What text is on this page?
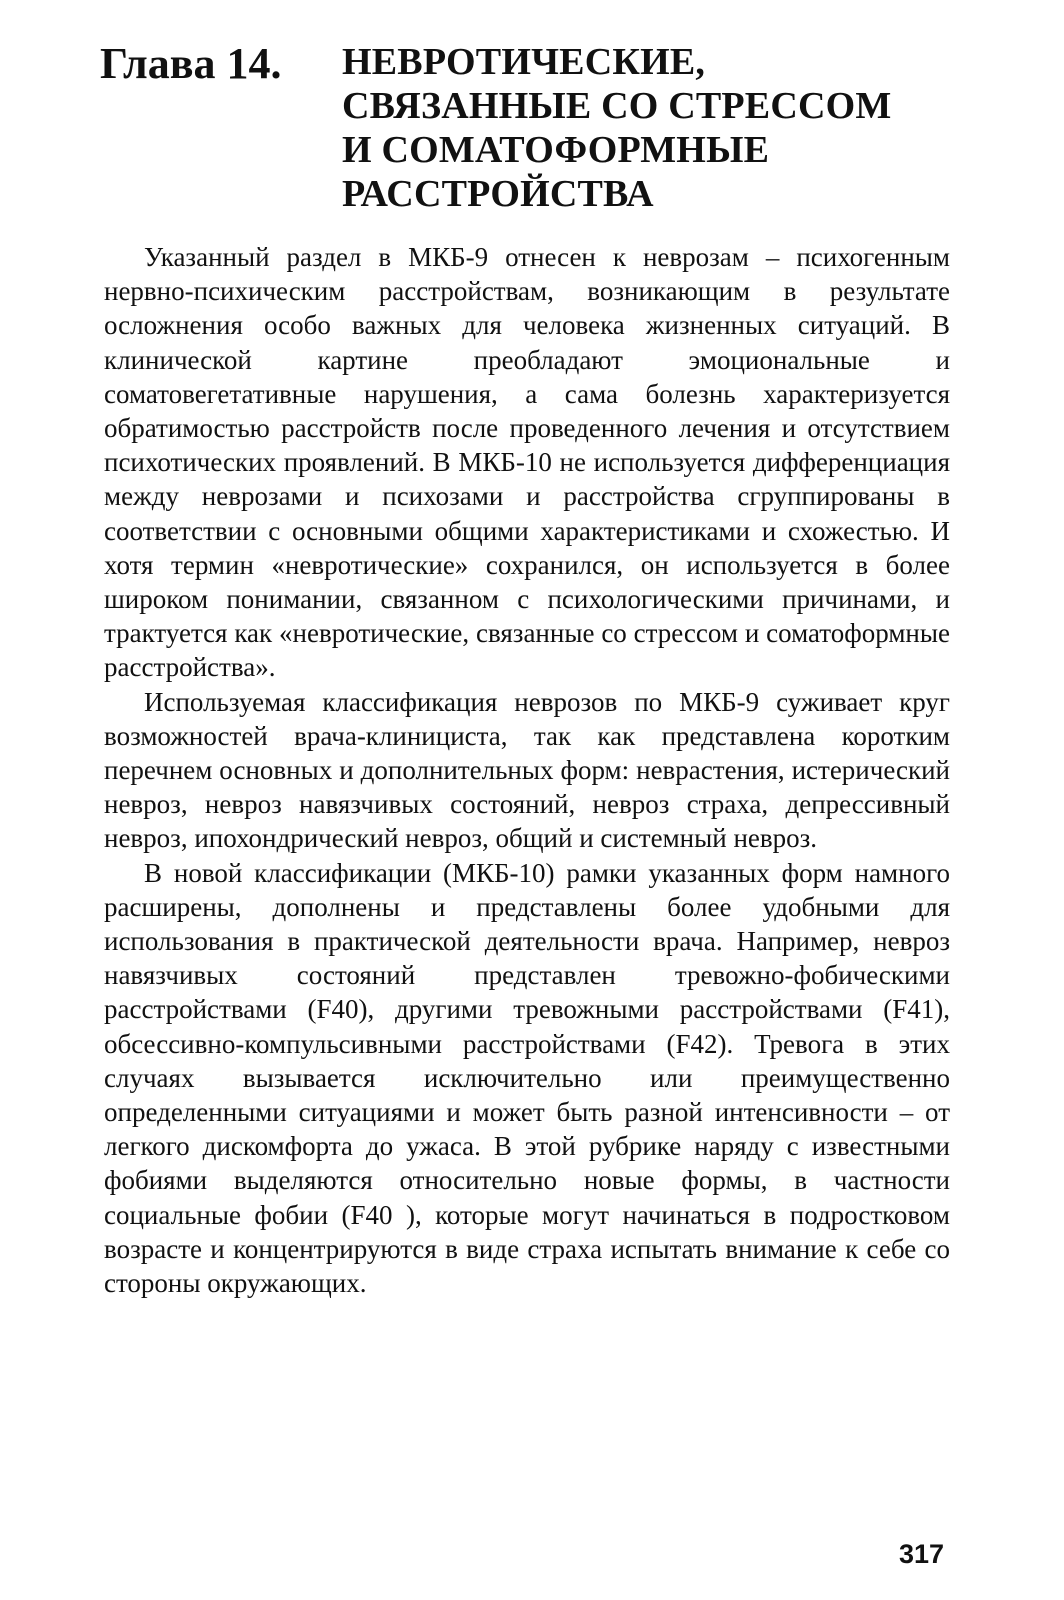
Глава 14. НЕВРОТИЧЕСКИЕ,
СВЯЗАННЫЕ СО СТРЕССОМ
И СОМАТОФОРМНЫЕ
РАССТРОЙСТВА

Указанный раздел в МКБ-9 отнесен к неврозам – психогенным нервно-психическим расстройствам, возникающим в результате осложнения особо важных для человека жизненных ситуаций. В клинической картине преобладают эмоциональные и соматовегетативные нарушения, а сама болезнь характеризуется обратимостью расстройств после проведенного лечения и отсутствием психотических проявлений. В МКБ-10 не используется дифференциация между неврозами и психозами и расстройства сгруппированы в соответствии с основными общими характеристиками и схожестью. И хотя термин «невротические» сохранился, он используется в более широком понимании, связанном с психологическими причинами, и трактуется как «невротические, связанные со стрессом и соматоформные расстройства».

Используемая классификация неврозов по МКБ-9 суживает круг возможностей врача-клинициста, так как представлена коротким перечнем основных и дополнительных форм: неврастения, истерический невроз, невроз навязчивых состояний, невроз страха, депрессивный невроз, ипохондрический невроз, общий и системный невроз.

В новой классификации (МКБ-10) рамки указанных форм намного расширены, дополнены и представлены более удобными для использования в практической деятельности врача. Например, невроз навязчивых состояний представлен тревожно-фобическими расстройствами (F40), другими тревожными расстройствами (F41), обсессивно-компульсивными расстройствами (F42). Тревога в этих случаях вызывается исключительно или преимущественно определенными ситуациями и может быть разной интенсивности – от легкого дискомфорта до ужаса. В этой рубрике наряду с известными фобиями выделяются относительно новые формы, в частности социальные фобии (F40 ), которые могут начинаться в подростковом возрасте и концентрируются в виде страха испытать внимание к себе со стороны окружающих.

317
